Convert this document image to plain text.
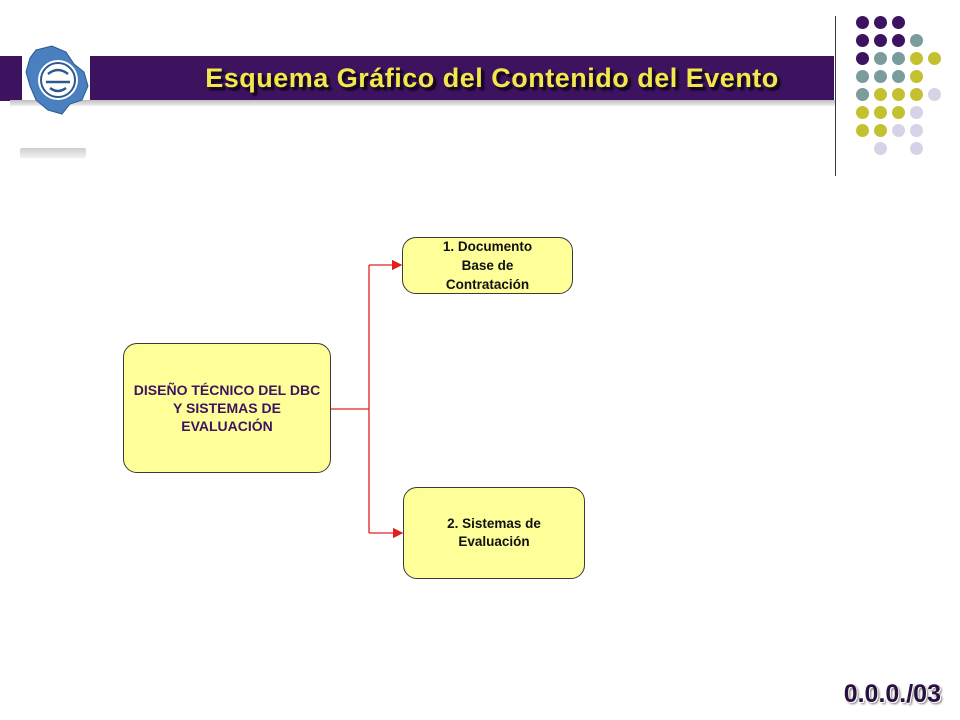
Esquema Gráfico del Contenido del Evento
DISEÑO TÉCNICO DEL DBC Y SISTEMAS DE EVALUACIÓN
1. Documento Base de Contratación
2. Sistemas de Evaluación
0.0.0./03
